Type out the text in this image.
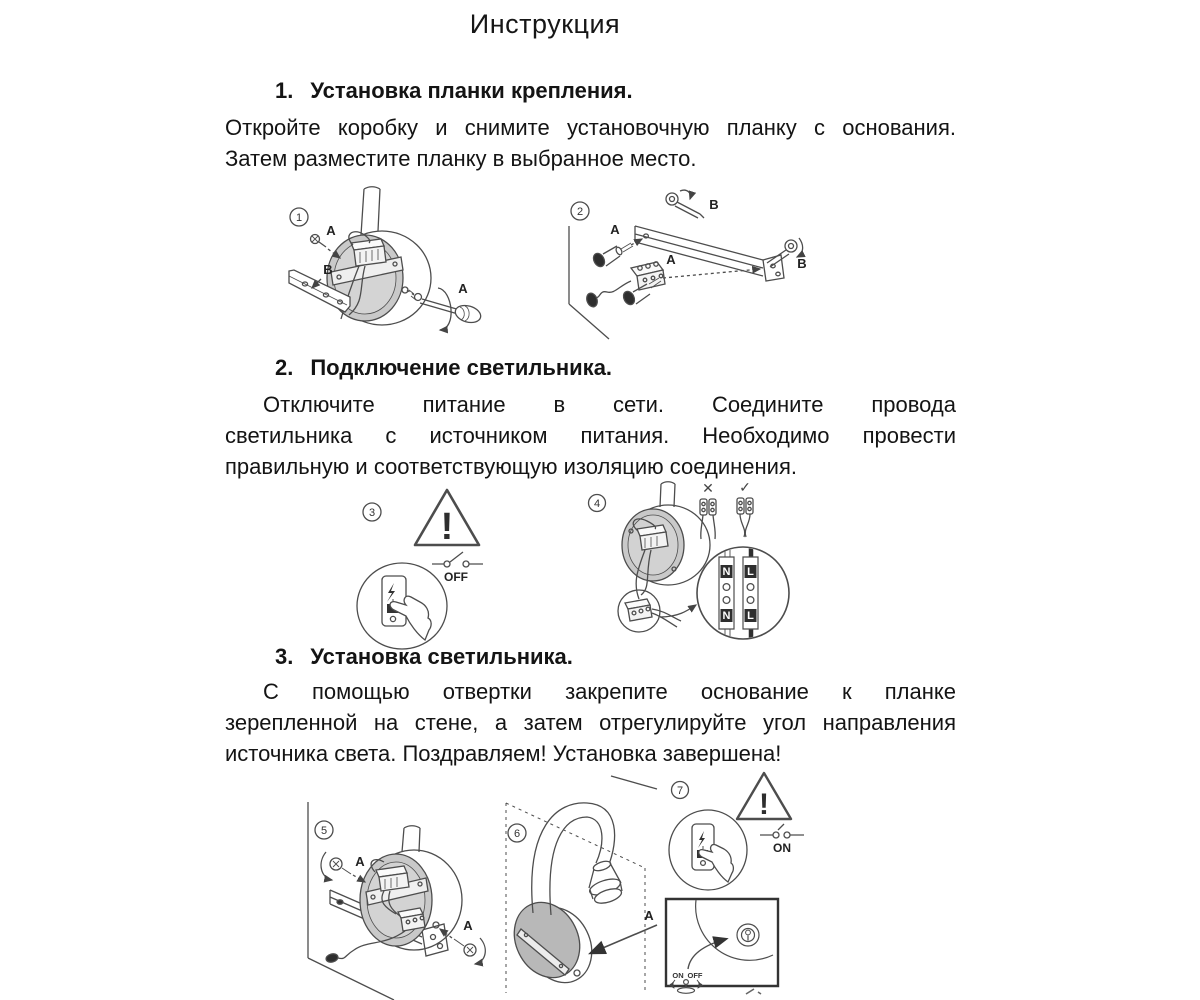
Инструкция
1. Установка планки крепления.
Откройте коробку и снимите установочную планку с основания.
Затем разместите планку в выбранное место.
1
A
B
A
2
A
A
B
B
2. Подключение светильника.
Отключите питание в сети. Соедините провода
светильника с источником питания. Необходимо провести
правильную и соответствующую изоляцию соединения.
3 !
OFF
4
✕ ✓
N L
N L
3. Установка светильника.
С помощью отвертки закрепите основание к планке
зерепленной на стене, а затем отрегулируйте угол направления
источника света. Поздравляем! Установка завершена!
5
A
A
6
A
7	!
ON
ON OFF
